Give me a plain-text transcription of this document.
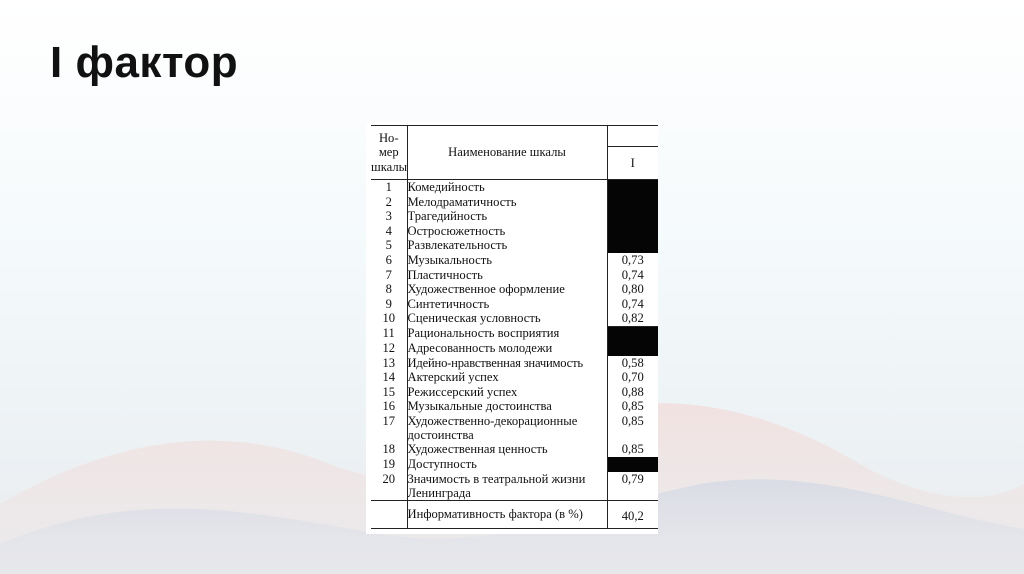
I фактор
Но-
мер
шкалы	Наименование шкалы	
		I
1	Комедийность	
2	Мелодраматичность	
3	Трагедийность	
4	Остросюжетность	
5	Развлекательность	
6	Музыкальность	0,73
7	Пластичность	0,74
8	Художественное оформление	0,80
9	Синтетичность	0,74
10	Сценическая условность	0,82
11	Рациональность восприятия	
12	Адресованность молодежи	
13	Идейно-нравственная значимость	0,58
14	Актерский успех	0,70
15	Режиссерский успех	0,88
16	Музыкальные достоинства	0,85
17	Художественно-декорационные достоинства	0,85
18	Художественная ценность	0,85
19	Доступность	
20	Значимость в театральной жизни Ленинграда	0,79
	Информативность фактора (в %)	40,2
